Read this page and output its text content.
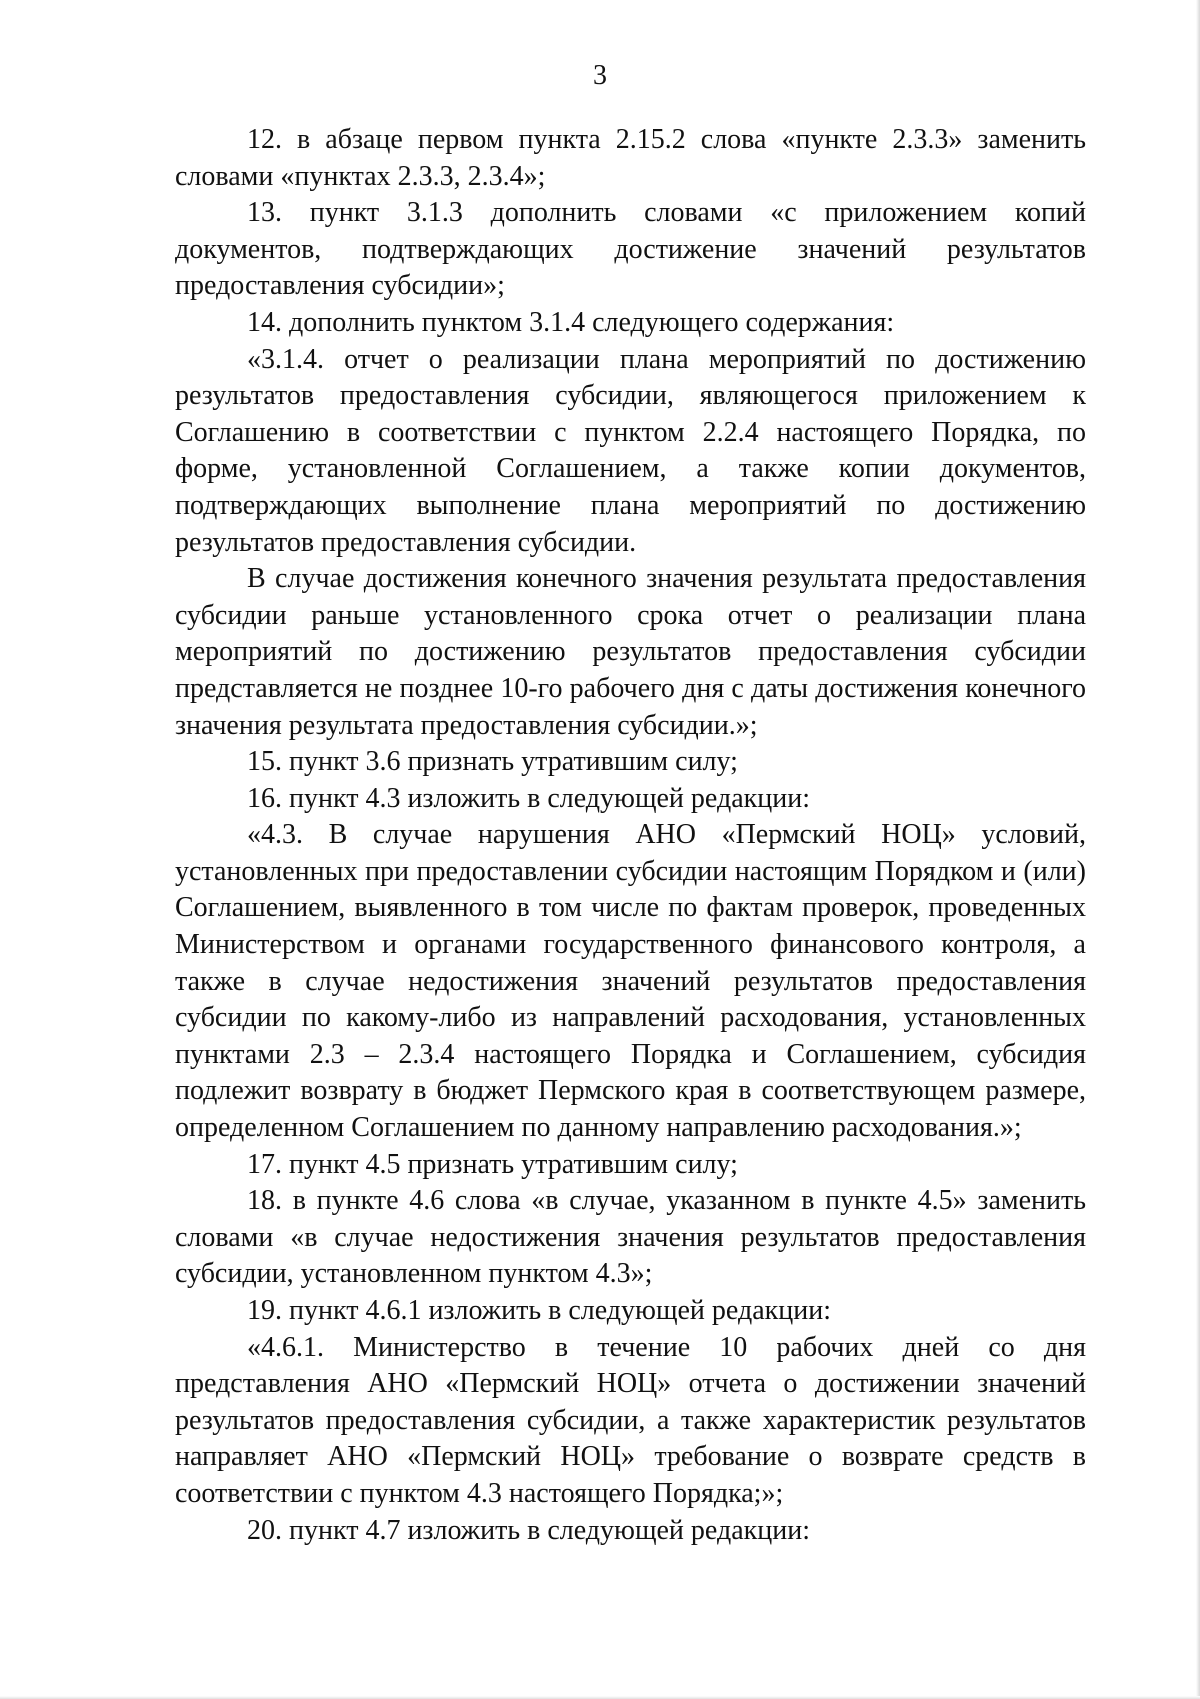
3

12. в абзаце первом пункта 2.15.2 слова «пункте 2.3.3» заменить словами «пунктах 2.3.3, 2.3.4»;

13. пункт 3.1.3 дополнить словами «с приложением копий документов, подтверждающих достижение значений результатов предоставления субсидии»;

14. дополнить пунктом 3.1.4 следующего содержания:

«3.1.4. отчет о реализации плана мероприятий по достижению результатов предоставления субсидии, являющегося приложением к Соглашению в соответствии с пунктом 2.2.4 настоящего Порядка, по форме, установленной Соглашением, а также копии документов, подтверждающих выполнение плана мероприятий по достижению результатов предоставления субсидии.

В случае достижения конечного значения результата предоставления субсидии раньше установленного срока отчет о реализации плана мероприятий по достижению результатов предоставления субсидии представляется не позднее 10-го рабочего дня с даты достижения конечного значения результата предоставления субсидии.»;

15. пункт 3.6 признать утратившим силу;

16. пункт 4.3 изложить в следующей редакции:

«4.3. В случае нарушения АНО «Пермский НОЦ» условий, установленных при предоставлении субсидии настоящим Порядком и (или) Соглашением, выявленного в том числе по фактам проверок, проведенных Министерством и органами государственного финансового контроля, а также в случае недостижения значений результатов предоставления субсидии по какому-либо из направлений расходования, установленных пунктами 2.3 – 2.3.4 настоящего Порядка и Соглашением, субсидия подлежит возврату в бюджет Пермского края в соответствующем размере, определенном Соглашением по данному направлению расходования.»;

17. пункт 4.5 признать утратившим силу;

18. в пункте 4.6 слова «в случае, указанном в пункте 4.5» заменить словами «в случае недостижения значения результатов предоставления субсидии, установленном пунктом 4.3»;

19. пункт 4.6.1 изложить в следующей редакции:

«4.6.1. Министерство в течение 10 рабочих дней со дня представления АНО «Пермский НОЦ» отчета о достижении значений результатов предоставления субсидии, а также характеристик результатов направляет АНО «Пермский НОЦ» требование о возврате средств в соответствии с пунктом 4.3 настоящего Порядка;»;

20. пункт 4.7 изложить в следующей редакции:
